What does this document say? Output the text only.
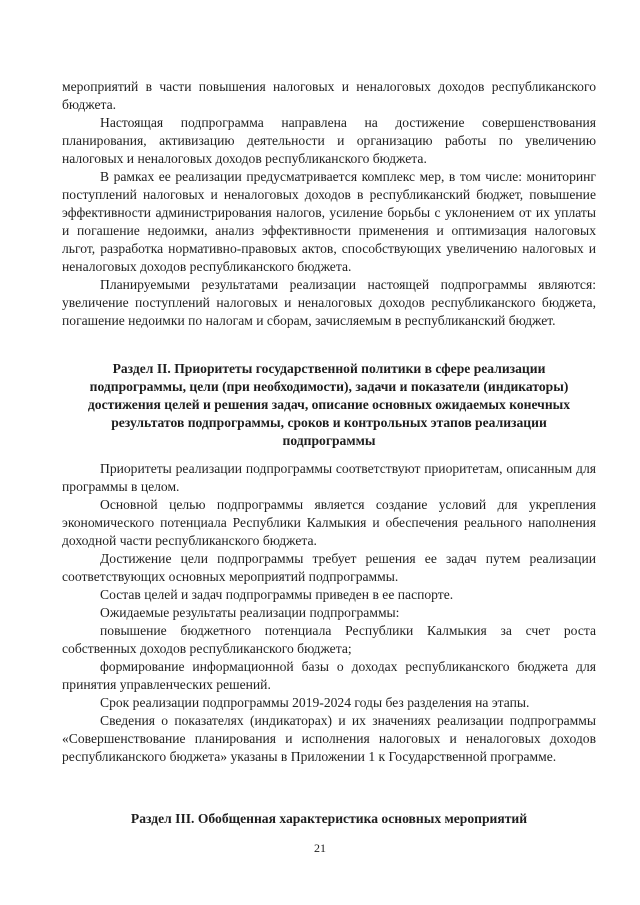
мероприятий в части повышения налоговых и неналоговых доходов республиканского бюджета.

Настоящая подпрограмма направлена на достижение совершенствования планирования, активизацию деятельности и организацию работы по увеличению налоговых и неналоговых доходов республиканского бюджета.

В рамках ее реализации предусматривается комплекс мер, в том числе: мониторинг поступлений налоговых и неналоговых доходов в республиканский бюджет, повышение эффективности администрирования налогов, усиление борьбы с уклонением от их уплаты и погашение недоимки, анализ эффективности применения и оптимизация налоговых льгот, разработка нормативно-правовых актов, способствующих увеличению налоговых и неналоговых доходов республиканского бюджета.

Планируемыми результатами реализации настоящей подпрограммы являются: увеличение поступлений налоговых и неналоговых доходов республиканского бюджета, погашение недоимки по налогам и сборам, зачисляемым в республиканский бюджет.

Раздел II. Приоритеты государственной политики в сфере реализации подпрограммы, цели (при необходимости), задачи и показатели (индикаторы) достижения целей и решения задач, описание основных ожидаемых конечных результатов подпрограммы, сроков и контрольных этапов реализации подпрограммы

Приоритеты реализации подпрограммы соответствуют приоритетам, описанным для программы в целом.

Основной целью подпрограммы является создание условий для укрепления экономического потенциала Республики Калмыкия и обеспечения реального наполнения доходной части республиканского бюджета.

Достижение цели подпрограммы требует решения ее задач путем реализации соответствующих основных мероприятий подпрограммы.

Состав целей и задач подпрограммы приведен в ее паспорте.

Ожидаемые результаты реализации подпрограммы:

повышение бюджетного потенциала Республики Калмыкия за счет роста собственных доходов республиканского бюджета;

формирование информационной базы о доходах республиканского бюджета для принятия управленческих решений.

Срок реализации подпрограммы 2019-2024 годы без разделения на этапы.

Сведения о показателях (индикаторах) и их значениях реализации подпрограммы «Совершенствование планирования и исполнения налоговых и неналоговых доходов республиканского бюджета» указаны в Приложении 1 к Государственной программе.

Раздел III. Обобщенная характеристика основных мероприятий
21
